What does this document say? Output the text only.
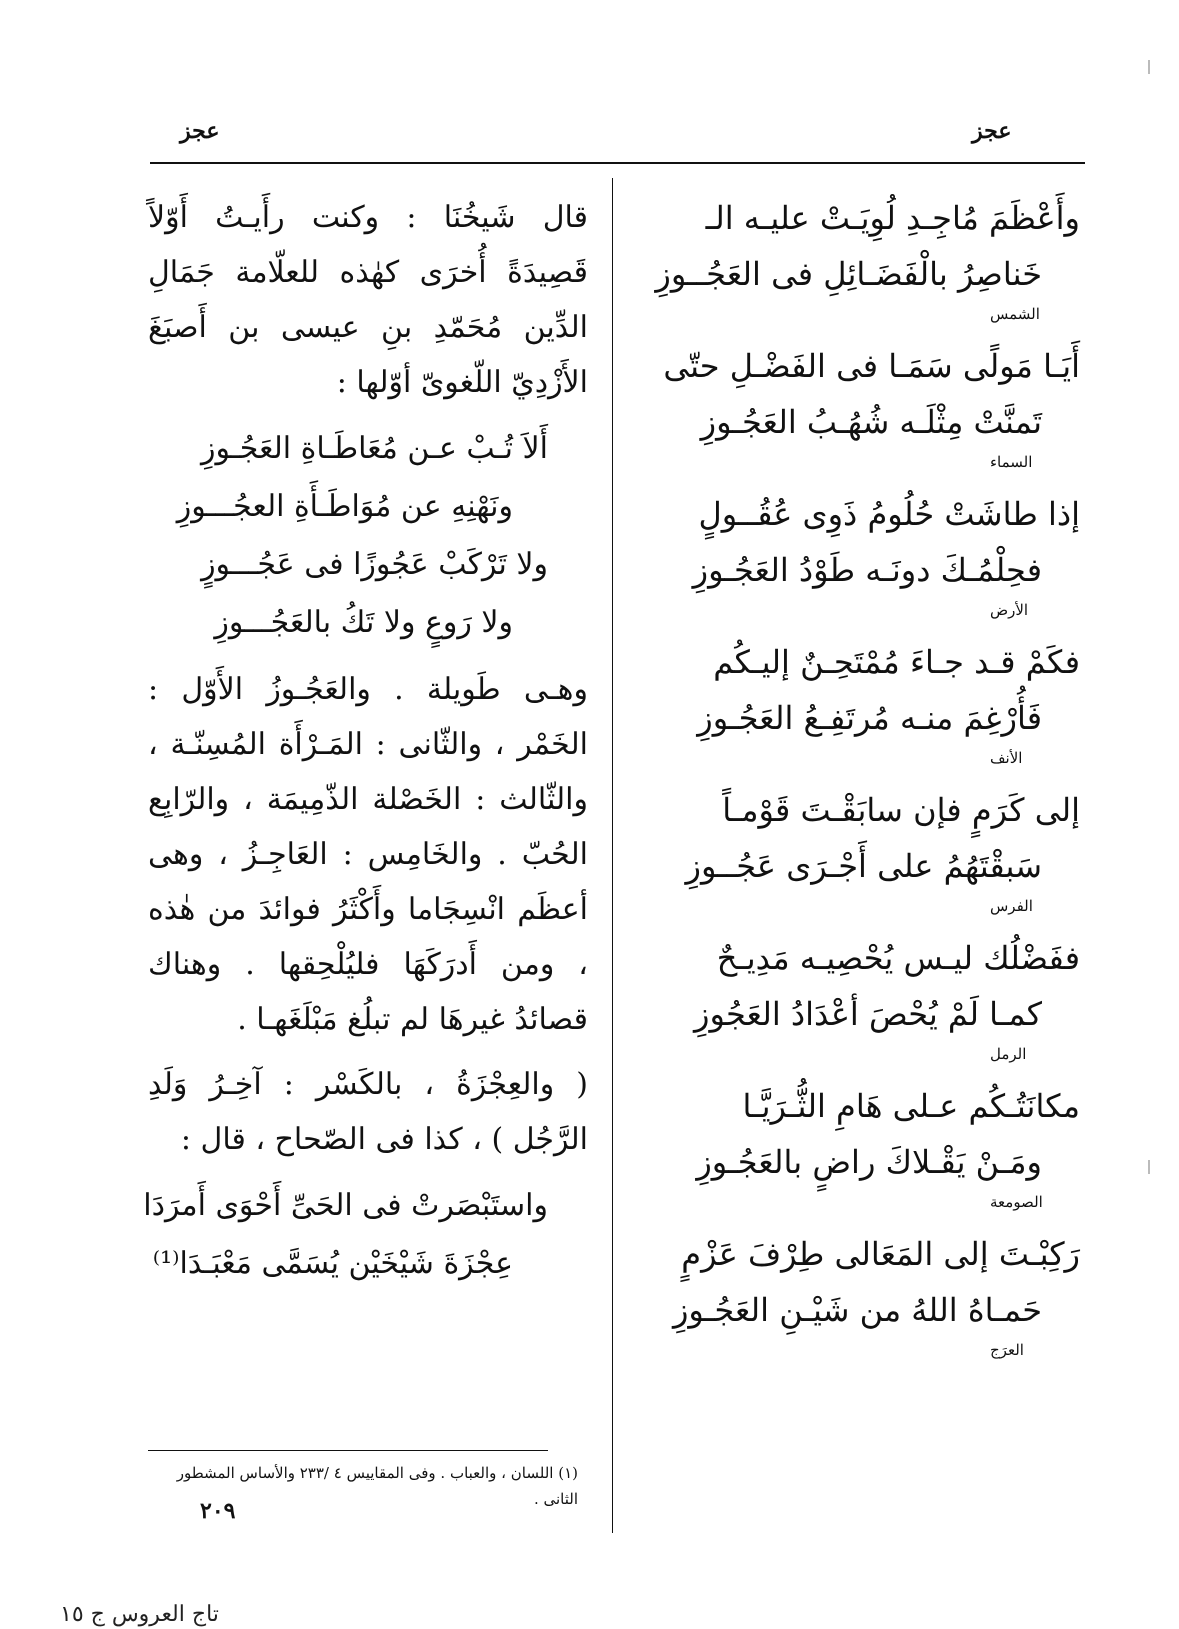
عجز
عجز
وأَعْظَمَ مُاجِـدِ لُوِيَـتْ عليـه الـ
خَناصِرُ بالْفَضَـائِلِ فى العَجُــوزِ
الشمس
أَيَـا مَولًى سَمَـا فى الفَضْـلِ حتّى
تَمنَّتْ مِثْلَـه شُهُـبُ العَجُـوزِ
السماء
إذا طاشَتْ حُلُومُ ذَوِى عُقُــولٍ
فحِلْمُـكَ دونَـه طَوْدُ العَجُـوزِ
الأرض
فكَمْ قـد جـاءَ مُمْتَحِـنٌ إليـكُم
فَأُرْغِمَ منـه مُرتَفِـعُ العَجُـوزِ
الأنف
إلى كَرَمٍ فإن سابَقْـتَ قَوْمـاً
سَبقْتَهُمُ على أَجْـرَى عَجُــوزِ
الفرس
ففَضْلُك ليـس يُحْصِيـه مَدِيـحٌ
كمـا لَمْ يُحْصَ أعْدَادُ العَجُوزِ
الرمل
مكانَتُـكُم عـلى هَامِ الثُّـرَيَّـا
ومَـنْ يَقْـلاكَ راضٍ بالعَجُـوزِ
الصومعة
رَكِبْـتَ إلى المَعَالى طِرْفَ عَزْمٍ
حَمـاهُ اللهُ من شَيْـنِ العَجُـوزِ
العرَج
قال شَيخُنَا : وكنت رأَيـتُ أَوّلاً قَصِيدَةً أُخرَى كهٰذه للعلّامة جَمَالِ الدِّين مُحَمّدِ بنِ عيسى بن أَصبَغَ الأَزْدِيّ اللّغوىّ أوّلها :
أَلاَ تُـبْ عـن مُعَاطَـاةِ العَجُـوزِ
ونَهْنِهِ عن مُوَاطَـأَةِ العجُـــوزِ
ولا تَرْكَبْ عَجُوزًا فى عَجُـــوزٍ
ولا رَوعٍ ولا تَكُ بالعَجُـــوزِ
وهـى طَويلة . والعَجُـوزُ الأَوّل : الخَمْر ، والثّانى : المَـرْأَة المُسِنّـة ، والثّالث : الخَصْلة الذّمِيمَة ، والرّابِع الحُبّ . والخَامِس : العَاجِـزُ ، وهى أعظَم انْسِجَاما وأَكْثَرُ فوائدَ من هٰذه ، ومن أَدرَكَهَا فليُلْحِقها . وهناك قصائدُ غيرهَا لم تبلُغ مَبْلَغَهـا .
( والعِجْزَةُ ، بالكَسْر : آخِـرُ وَلَدِ الرَّجُل ) ، كذا فى الصّحاح ، قال :
واستَبْصَرتْ فى الحَىِّ أَحْوَى أَمرَدَا
عِجْزَةَ شَيْخَيْن يُسَمَّى مَعْبَـدَا⁽¹⁾
(١) اللسان ، والعباب . وفى المقاييس ٤ /٢٣٣ والأساس المشطور الثانى .
٢٠٩
تاج العروس ج ١٥
